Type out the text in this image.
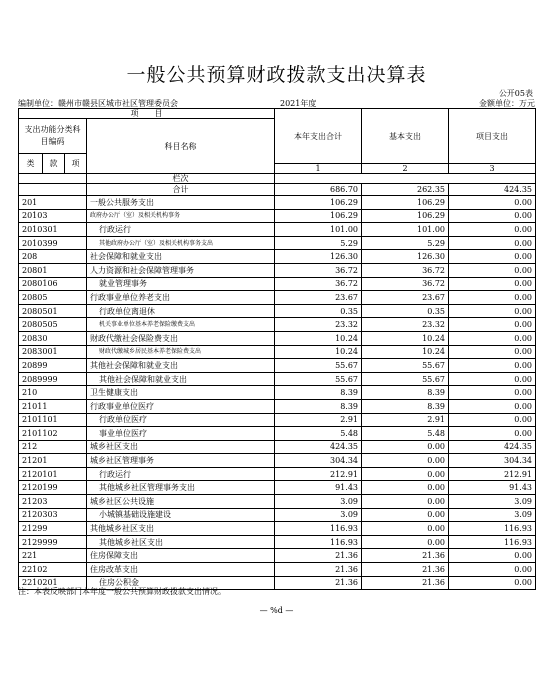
一般公共预算财政拨款支出决算表
公开05表
编制单位：赣州市赣县区城市社区管理委员会	2021年度	金额单位：万元
项　　目				本年支出合计	基本支出	项目支出
支出功能分类科目编码			科目名称			
类	款	项				
				1	2	3
			栏次			
			合计	686.70	262.35	424.35
201			一般公共服务支出	106.29	106.29	0.00
20103			政府办公厅（室）及相关机构事务	106.29	106.29	0.00
2010301			行政运行	101.00	101.00	0.00
2010399			其他政府办公厅（室）及相关机构事务支出	5.29	5.29	0.00
208			社会保障和就业支出	126.30	126.30	0.00
20801			人力资源和社会保障管理事务	36.72	36.72	0.00
2080106			就业管理事务	36.72	36.72	0.00
20805			行政事业单位养老支出	23.67	23.67	0.00
2080501			行政单位离退休	0.35	0.35	0.00
2080505			机关事业单位基本养老保险缴费支出	23.32	23.32	0.00
20830			财政代缴社会保险费支出	10.24	10.24	0.00
2083001			财政代缴城乡居民基本养老保险费支出	10.24	10.24	0.00
20899			其他社会保障和就业支出	55.67	55.67	0.00
2089999			其他社会保障和就业支出	55.67	55.67	0.00
210			卫生健康支出	8.39	8.39	0.00
21011			行政事业单位医疗	8.39	8.39	0.00
2101101			行政单位医疗	2.91	2.91	0.00
2101102			事业单位医疗	5.48	5.48	0.00
212			城乡社区支出	424.35	0.00	424.35
21201			城乡社区管理事务	304.34	0.00	304.34
2120101			行政运行	212.91	0.00	212.91
2120199			其他城乡社区管理事务支出	91.43	0.00	91.43
21203			城乡社区公共设施	3.09	0.00	3.09
2120303			小城镇基础设施建设	3.09	0.00	3.09
21299			其他城乡社区支出	116.93	0.00	116.93
2129999			其他城乡社区支出	116.93	0.00	116.93
221			住房保障支出	21.36	21.36	0.00
22102			住房改革支出	21.36	21.36	0.00
2210201			住房公积金	21.36	21.36	0.00
注：本表反映部门本年度一般公共预算财政拨款支出情况。
— %d —
